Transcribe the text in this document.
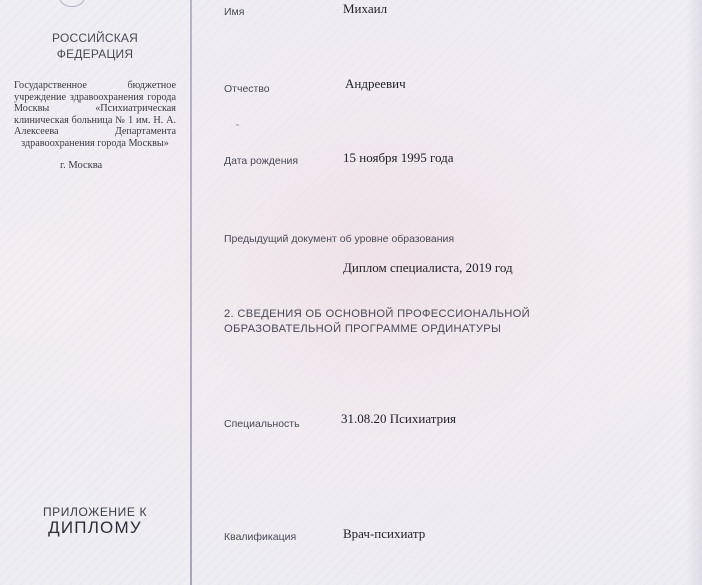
РОССИЙСКАЯ
ФЕДЕРАЦИЯ
Государственное бюджетное учреждение здравоохранения города Москвы «Психиатрическая клиническая больница № 1 им. Н. А. Алексеева Департамента здравоохранения города Москвы»
г. Москва
ПРИЛОЖЕНИЕ К
ДИПЛОМУ
Имя	Михаил
Отчество	Андреевич
Дата рождения	15 ноября 1995 года
Предыдущий документ об уровне образования
Диплом специалиста, 2019 год
2. СВЕДЕНИЯ ОБ ОСНОВНОЙ ПРОФЕССИОНАЛЬНОЙ
ОБРАЗОВАТЕЛЬНОЙ ПРОГРАММЕ ОРДИНАТУРЫ
Специальность	31.08.20 Психиатрия
Квалификация	Врач-психиатр
